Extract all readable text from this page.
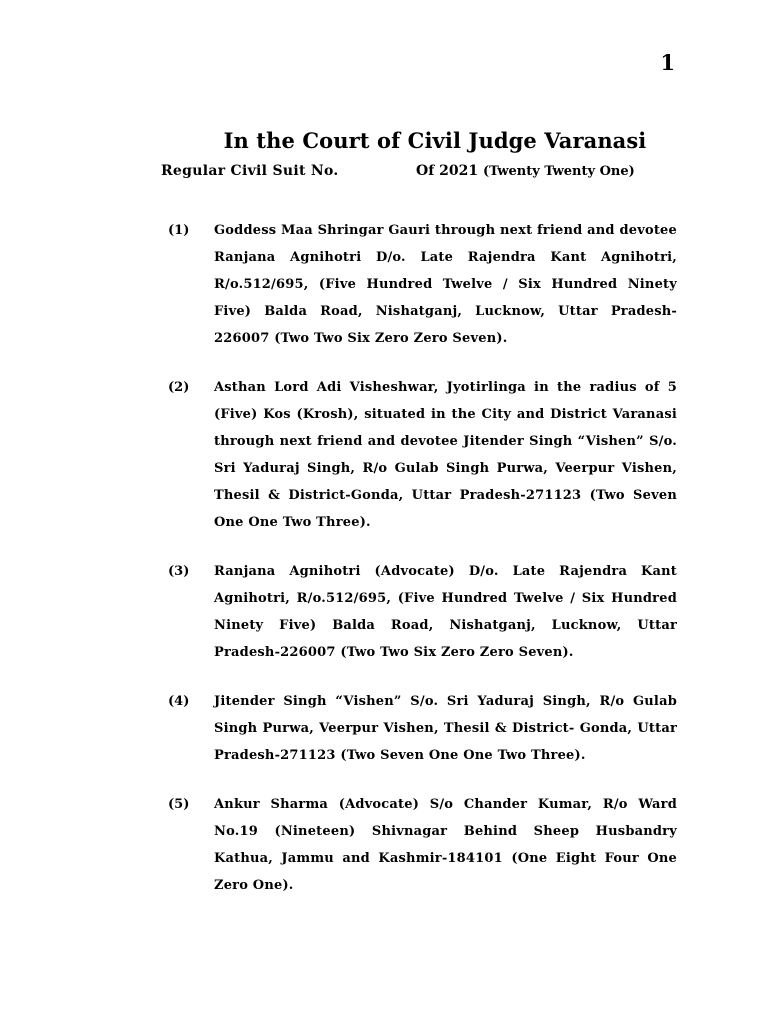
1
In the Court of Civil Judge Varanasi
Regular Civil Suit No.	Of 2021 (Twenty Twenty One)
(1) Goddess Maa Shringar Gauri through next friend and devotee Ranjana Agnihotri D/o. Late Rajendra Kant Agnihotri, R/o.512/695, (Five Hundred Twelve / Six Hundred Ninety Five) Balda Road, Nishatganj, Lucknow, Uttar Pradesh-226007 (Two Two Six Zero Zero Seven).
(2) Asthan Lord Adi Visheshwar, Jyotirlinga in the radius of 5 (Five) Kos (Krosh), situated in the City and District Varanasi through next friend and devotee Jitender Singh “Vishen” S/o. Sri Yaduraj Singh, R/o Gulab Singh Purwa, Veerpur Vishen, Thesil & District-Gonda, Uttar Pradesh-271123 (Two Seven One One Two Three).
(3) Ranjana Agnihotri (Advocate) D/o. Late Rajendra Kant Agnihotri, R/o.512/695, (Five Hundred Twelve / Six Hundred Ninety Five) Balda Road, Nishatganj, Lucknow, Uttar Pradesh-226007 (Two Two Six Zero Zero Seven).
(4) Jitender Singh “Vishen” S/o. Sri Yaduraj Singh, R/o Gulab Singh Purwa, Veerpur Vishen, Thesil & District- Gonda, Uttar Pradesh-271123 (Two Seven One One Two Three).
(5) Ankur Sharma (Advocate) S/o Chander Kumar, R/o Ward No.19 (Nineteen) Shivnagar Behind Sheep Husbandry Kathua, Jammu and Kashmir-184101 (One Eight Four One Zero One).
